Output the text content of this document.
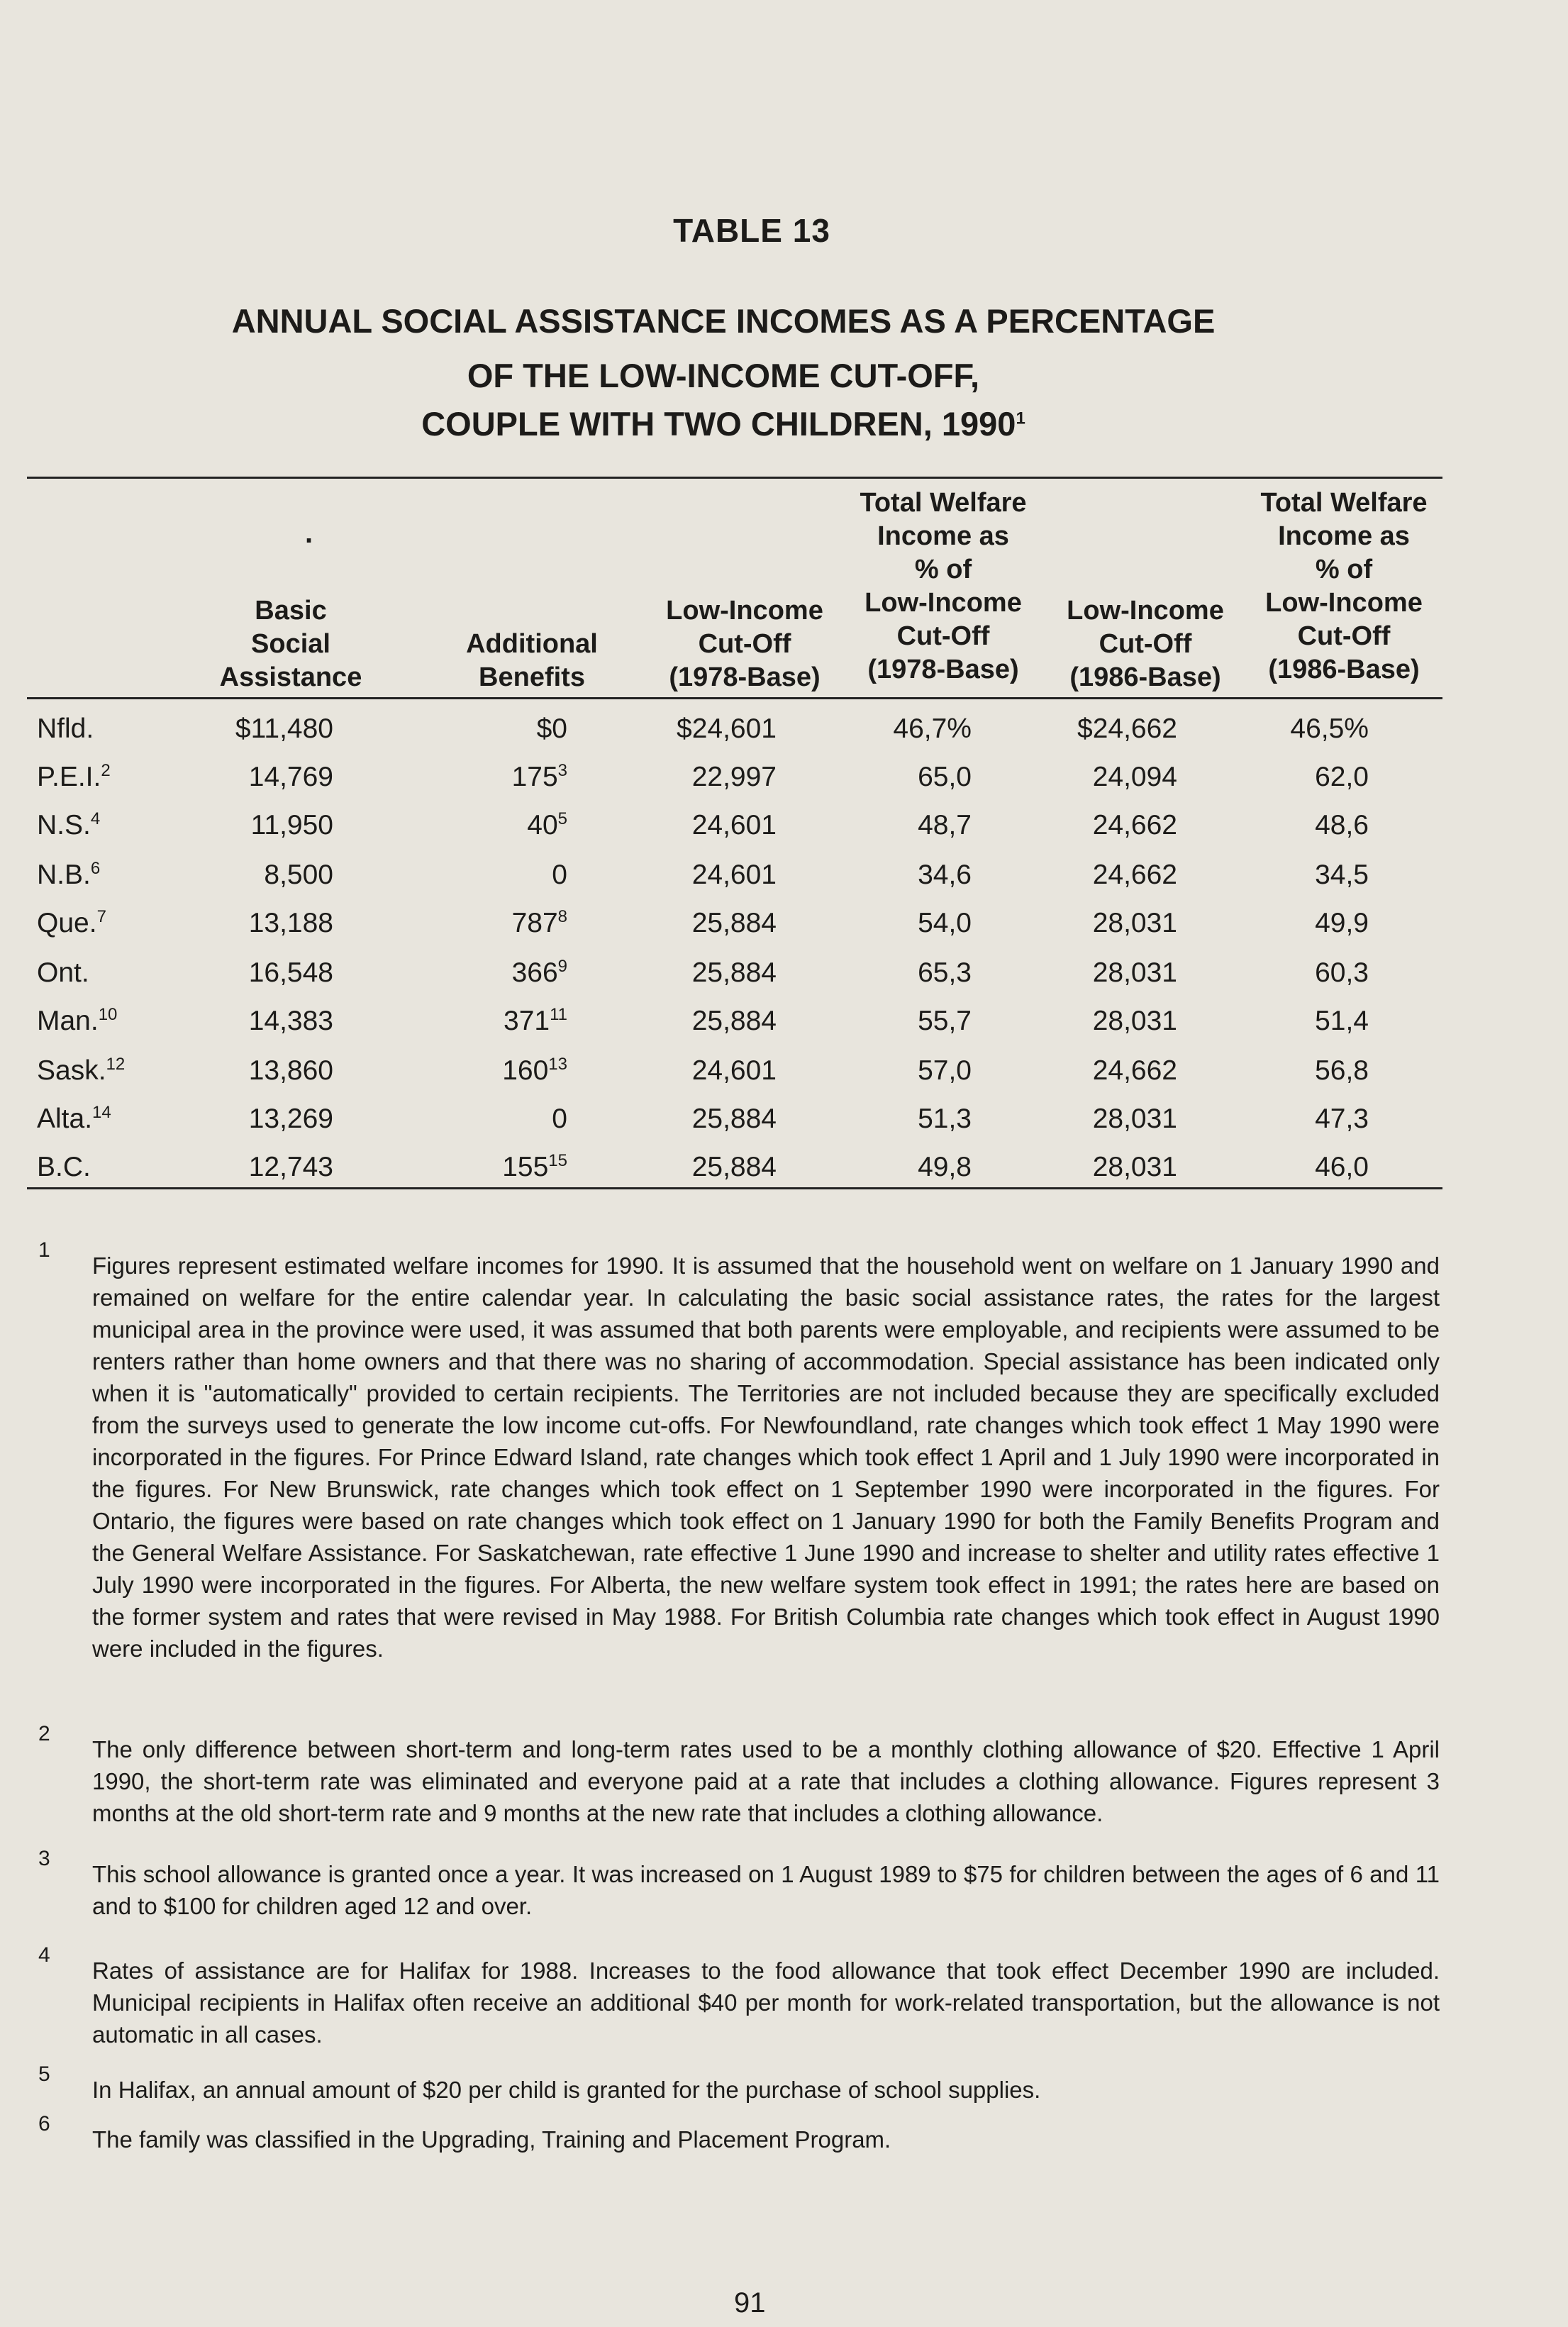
TABLE 13
ANNUAL SOCIAL ASSISTANCE INCOMES AS A PERCENTAGE
OF THE LOW-INCOME CUT-OFF,
COUPLE WITH TWO CHILDREN, 1990$^1$
.
Basic
Social
Assistance
Additional
Benefits
Low-Income
Cut-Off
(1978-Base)
Total Welfare
Income as
% of
Low-Income
Cut-Off
(1978-Base)
Low-Income
Cut-Off
(1986-Base)
Total Welfare
Income as
% of
Low-Income
Cut-Off
(1986-Base)
Nfld.	$11,480	$0	$24,601	46,7%	$24,662	46,5%
P.E.I.$^2$	14,769	$175^3$	22,997	65,0	24,094	62,0
N.S.$^4$	11,950	$40^5$	24,601	48,7	24,662	48,6
N.B.$^6$	8,500	0	24,601	34,6	24,662	34,5
Que.$^7$	13,188	$787^8$	25,884	54,0	28,031	49,9
Ont.	16,548	$366^9$	25,884	65,3	28,031	60,3
Man.$^{10}$	14,383	$371^{11}$	25,884	55,7	28,031	51,4
Sask.$^{12}$	13,860	$160^{13}$	24,601	57,0	24,662	56,8
Alta.$^{14}$	13,269	0	25,884	51,3	28,031	47,3
B.C.	12,743	$155^{15}$	25,884	49,8	28,031	46,0
1
Figures represent estimated welfare incomes for 1990. It is assumed that the household went on welfare on 1 January 1990 and remained on welfare for the entire calendar year. In calculating the basic social assistance rates, the rates for the largest municipal area in the province were used, it was assumed that both parents were employable, and recipients were assumed to be renters rather than home owners and that there was no sharing of accommodation. Special assistance has been indicated only when it is "automatically" provided to certain recipients. The Territories are not included because they are specifically excluded from the surveys used to generate the low income cut-offs. For Newfoundland, rate changes which took effect 1 May 1990 were incorporated in the figures. For Prince Edward Island, rate changes which took effect 1 April and 1 July 1990 were incorporated in the figures. For New Brunswick, rate changes which took effect on 1 September 1990 were incorporated in the figures. For Ontario, the figures were based on rate changes which took effect on 1 January 1990 for both the Family Benefits Program and the General Welfare Assistance. For Saskatchewan, rate effective 1 June 1990 and increase to shelter and utility rates effective 1 July 1990 were incorporated in the figures. For Alberta, the new welfare system took effect in 1991; the rates here are based on the former system and rates that were revised in May 1988. For British Columbia rate changes which took effect in August 1990 were included in the figures.
2
The only difference between short-term and long-term rates used to be a monthly clothing allowance of $20. Effective 1 April 1990, the short-term rate was eliminated and everyone paid at a rate that includes a clothing allowance. Figures represent 3 months at the old short-term rate and 9 months at the new rate that includes a clothing allowance.
3
This school allowance is granted once a year. It was increased on 1 August 1989 to $75 for children between the ages of 6 and 11 and to $100 for children aged 12 and over.
4
Rates of assistance are for Halifax for 1988. Increases to the food allowance that took effect December 1990 are included. Municipal recipients in Halifax often receive an additional $40 per month for work-related transportation, but the allowance is not automatic in all cases.
5
In Halifax, an annual amount of $20 per child is granted for the purchase of school supplies.
6
The family was classified in the Upgrading, Training and Placement Program.
91
